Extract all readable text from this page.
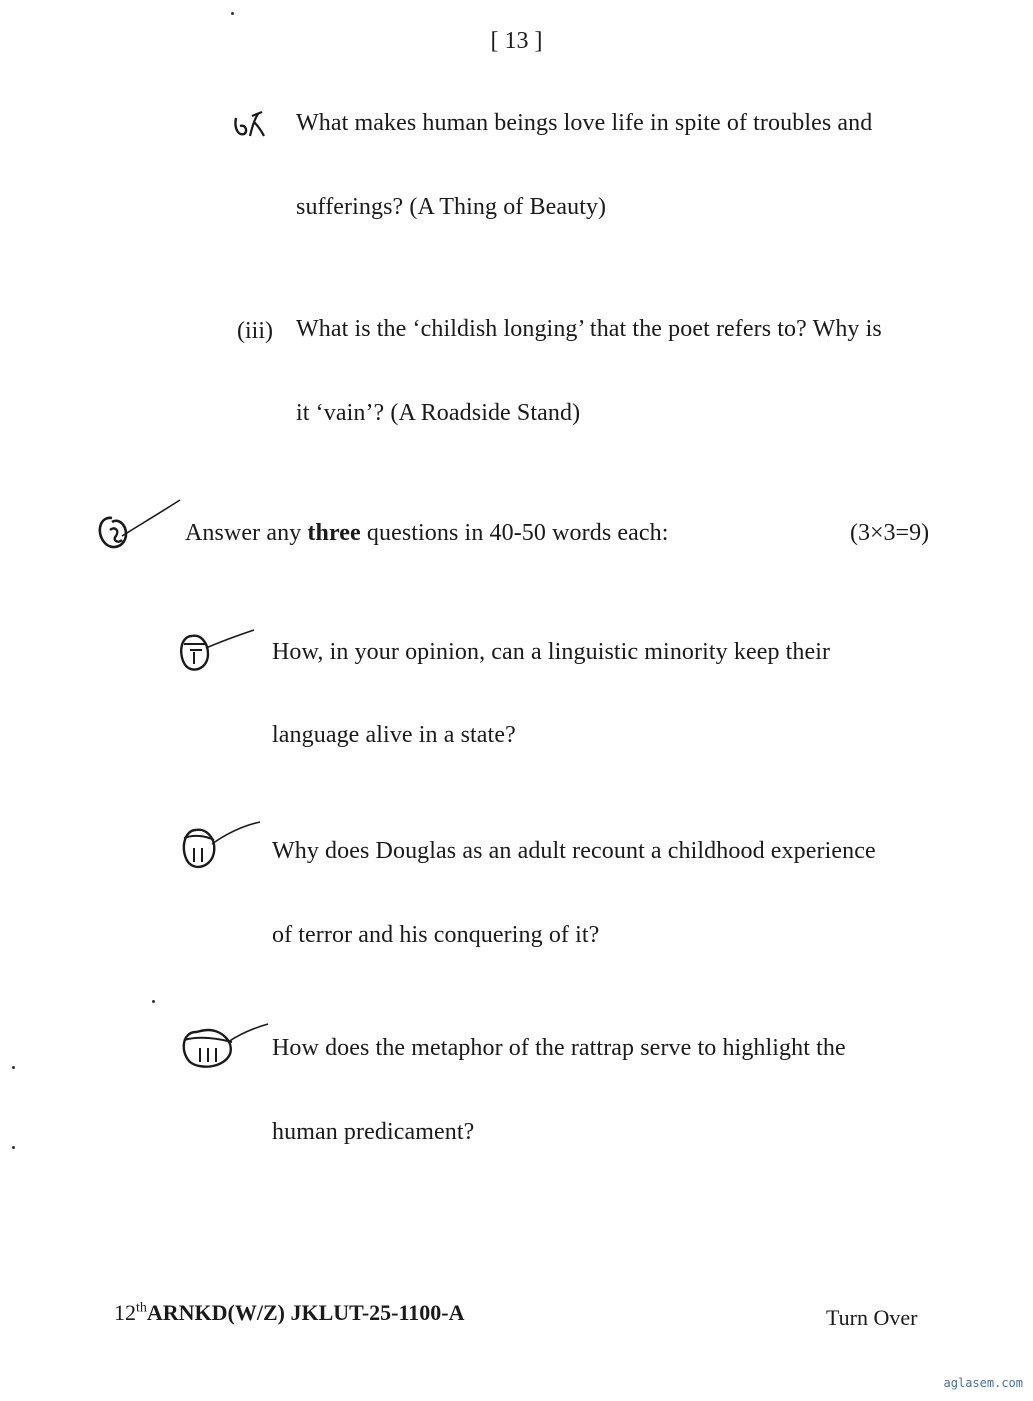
[ 13 ]
What makes human beings love life in spite of troubles and
sufferings? (A Thing of Beauty)
(iii) What is the ‘childish longing’ that the poet refers to? Why is
it ‘vain’? (A Roadside Stand)
Answer any three questions in 40-50 words each:	(3×3=9)
How, in your opinion, can a linguistic minority keep their
language alive in a state?
Why does Douglas as an adult recount a childhood experience
of terror and his conquering of it?
How does the metaphor of the rattrap serve to highlight the
human predicament?
12thARNKD(W/Z) JKLUT-25-1100-A	Turn Over
aglasem.com
